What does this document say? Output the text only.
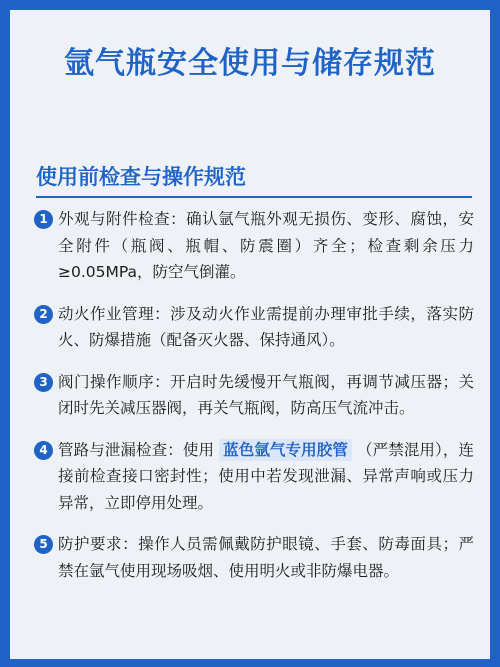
氩气瓶安全使用与储存规范
使用前检查与操作规范
1 外观与附件检查：确认氩气瓶外观无损伤、变形、腐蚀，安全附件（瓶阀、瓶帽、防震圈）齐全；检查剩余压力≥0.05MPa，防空气倒灌。
2 动火作业管理：涉及动火作业需提前办理审批手续，落实防火、防爆措施（配备灭火器、保持通风）。
3 阀门操作顺序：开启时先缓慢开气瓶阀，再调节减压器；关闭时先关减压器阀，再关气瓶阀，防高压气流冲击。
4 管路与泄漏检查：使用 蓝色氩气专用胶管 （严禁混用），连接前检查接口密封性；使用中若发现泄漏、异常声响或压力异常，立即停用处理。
5 防护要求：操作人员需佩戴防护眼镜、手套、防毒面具；严禁在氩气使用现场吸烟、使用明火或非防爆电器。
